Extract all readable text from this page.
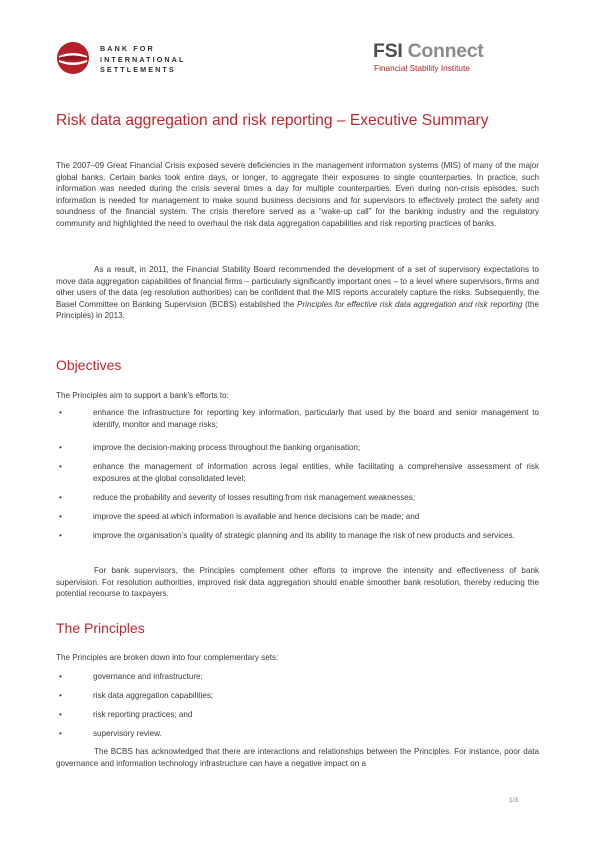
BANK FOR
INTERNATIONAL
SETTLEMENTS
FSI Connect
Financial Stability Institute
Risk data aggregation and risk reporting – Executive Summary
The 2007–09 Great Financial Crisis exposed severe deficiencies in the management information systems (MIS) of many of the major global banks. Certain banks took entire days, or longer, to aggregate their exposures to single counterparties. In practice, such information was needed during the crisis several times a day for multiple counterparties. Even during non-crisis episodes, such information is needed for management to make sound business decisions and for supervisors to effectively protect the safety and soundness of the financial system. The crisis therefore served as a “wake-up call” for the banking industry and the regulatory community and highlighted the need to overhaul the risk data aggregation capabilities and risk reporting practices of banks.
As a result, in 2011, the Financial Stability Board recommended the development of a set of supervisory expectations to move data aggregation capabilities of financial firms – particularly significantly important ones – to a level where supervisors, firms and other users of the data (eg resolution authorities) can be confident that the MIS reports accurately capture the risks. Subsequently, the Basel Committee on Banking Supervision (BCBS) established the Principles for effective risk data aggregation and risk reporting (the Principles) in 2013.
Objectives
The Principles aim to support a bank’s efforts to:
•	enhance the infrastructure for reporting key information, particularly that used by the board and senior management to identify, monitor and manage risks;
•	improve the decision-making process throughout the banking organisation;
•	enhance the management of information across legal entities, while facilitating a comprehensive assessment of risk exposures at the global consolidated level;
•	reduce the probability and severity of losses resulting from risk management weaknesses;
•	improve the speed at which information is available and hence decisions can be made; and
•	improve the organisation’s quality of strategic planning and its ability to manage the risk of new products and services.
For bank supervisors, the Principles complement other efforts to improve the intensity and effectiveness of bank supervision. For resolution authorities, improved risk data aggregation should enable smoother bank resolution, thereby reducing the potential recourse to taxpayers.
The Principles
The Principles are broken down into four complementary sets:
•	governance and infrastructure;
•	risk data aggregation capabilities;
•	risk reporting practices; and
•	supervisory review.
The BCBS has acknowledged that there are interactions and relationships between the Principles. For instance, poor data governance and information technology infrastructure can have a negative impact on a
1/3
